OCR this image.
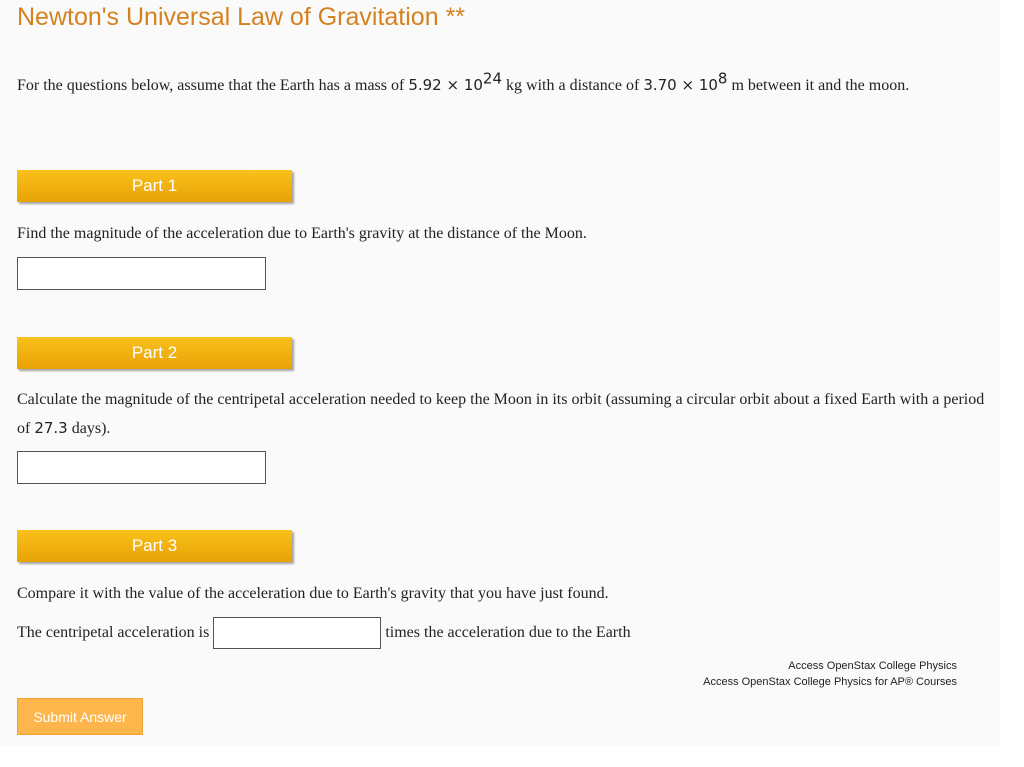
Newton's Universal Law of Gravitation **
For the questions below, assume that the Earth has a mass of $5.92 \times 10^{24}$ kg with a distance of $3.70 \times 10^8$ m between it and the moon.
Part 1
Find the magnitude of the acceleration due to Earth's gravity at the distance of the Moon.
Part 2
Calculate the magnitude of the centripetal acceleration needed to keep the Moon in its orbit (assuming a circular orbit about a fixed Earth with a period of 27.3 days).
Part 3
Compare it with the value of the acceleration due to Earth's gravity that you have just found.
The centripetal acceleration is	times the acceleration due to the Earth
Access OpenStax College Physics
Access OpenStax College Physics for AP® Courses
Submit Answer
